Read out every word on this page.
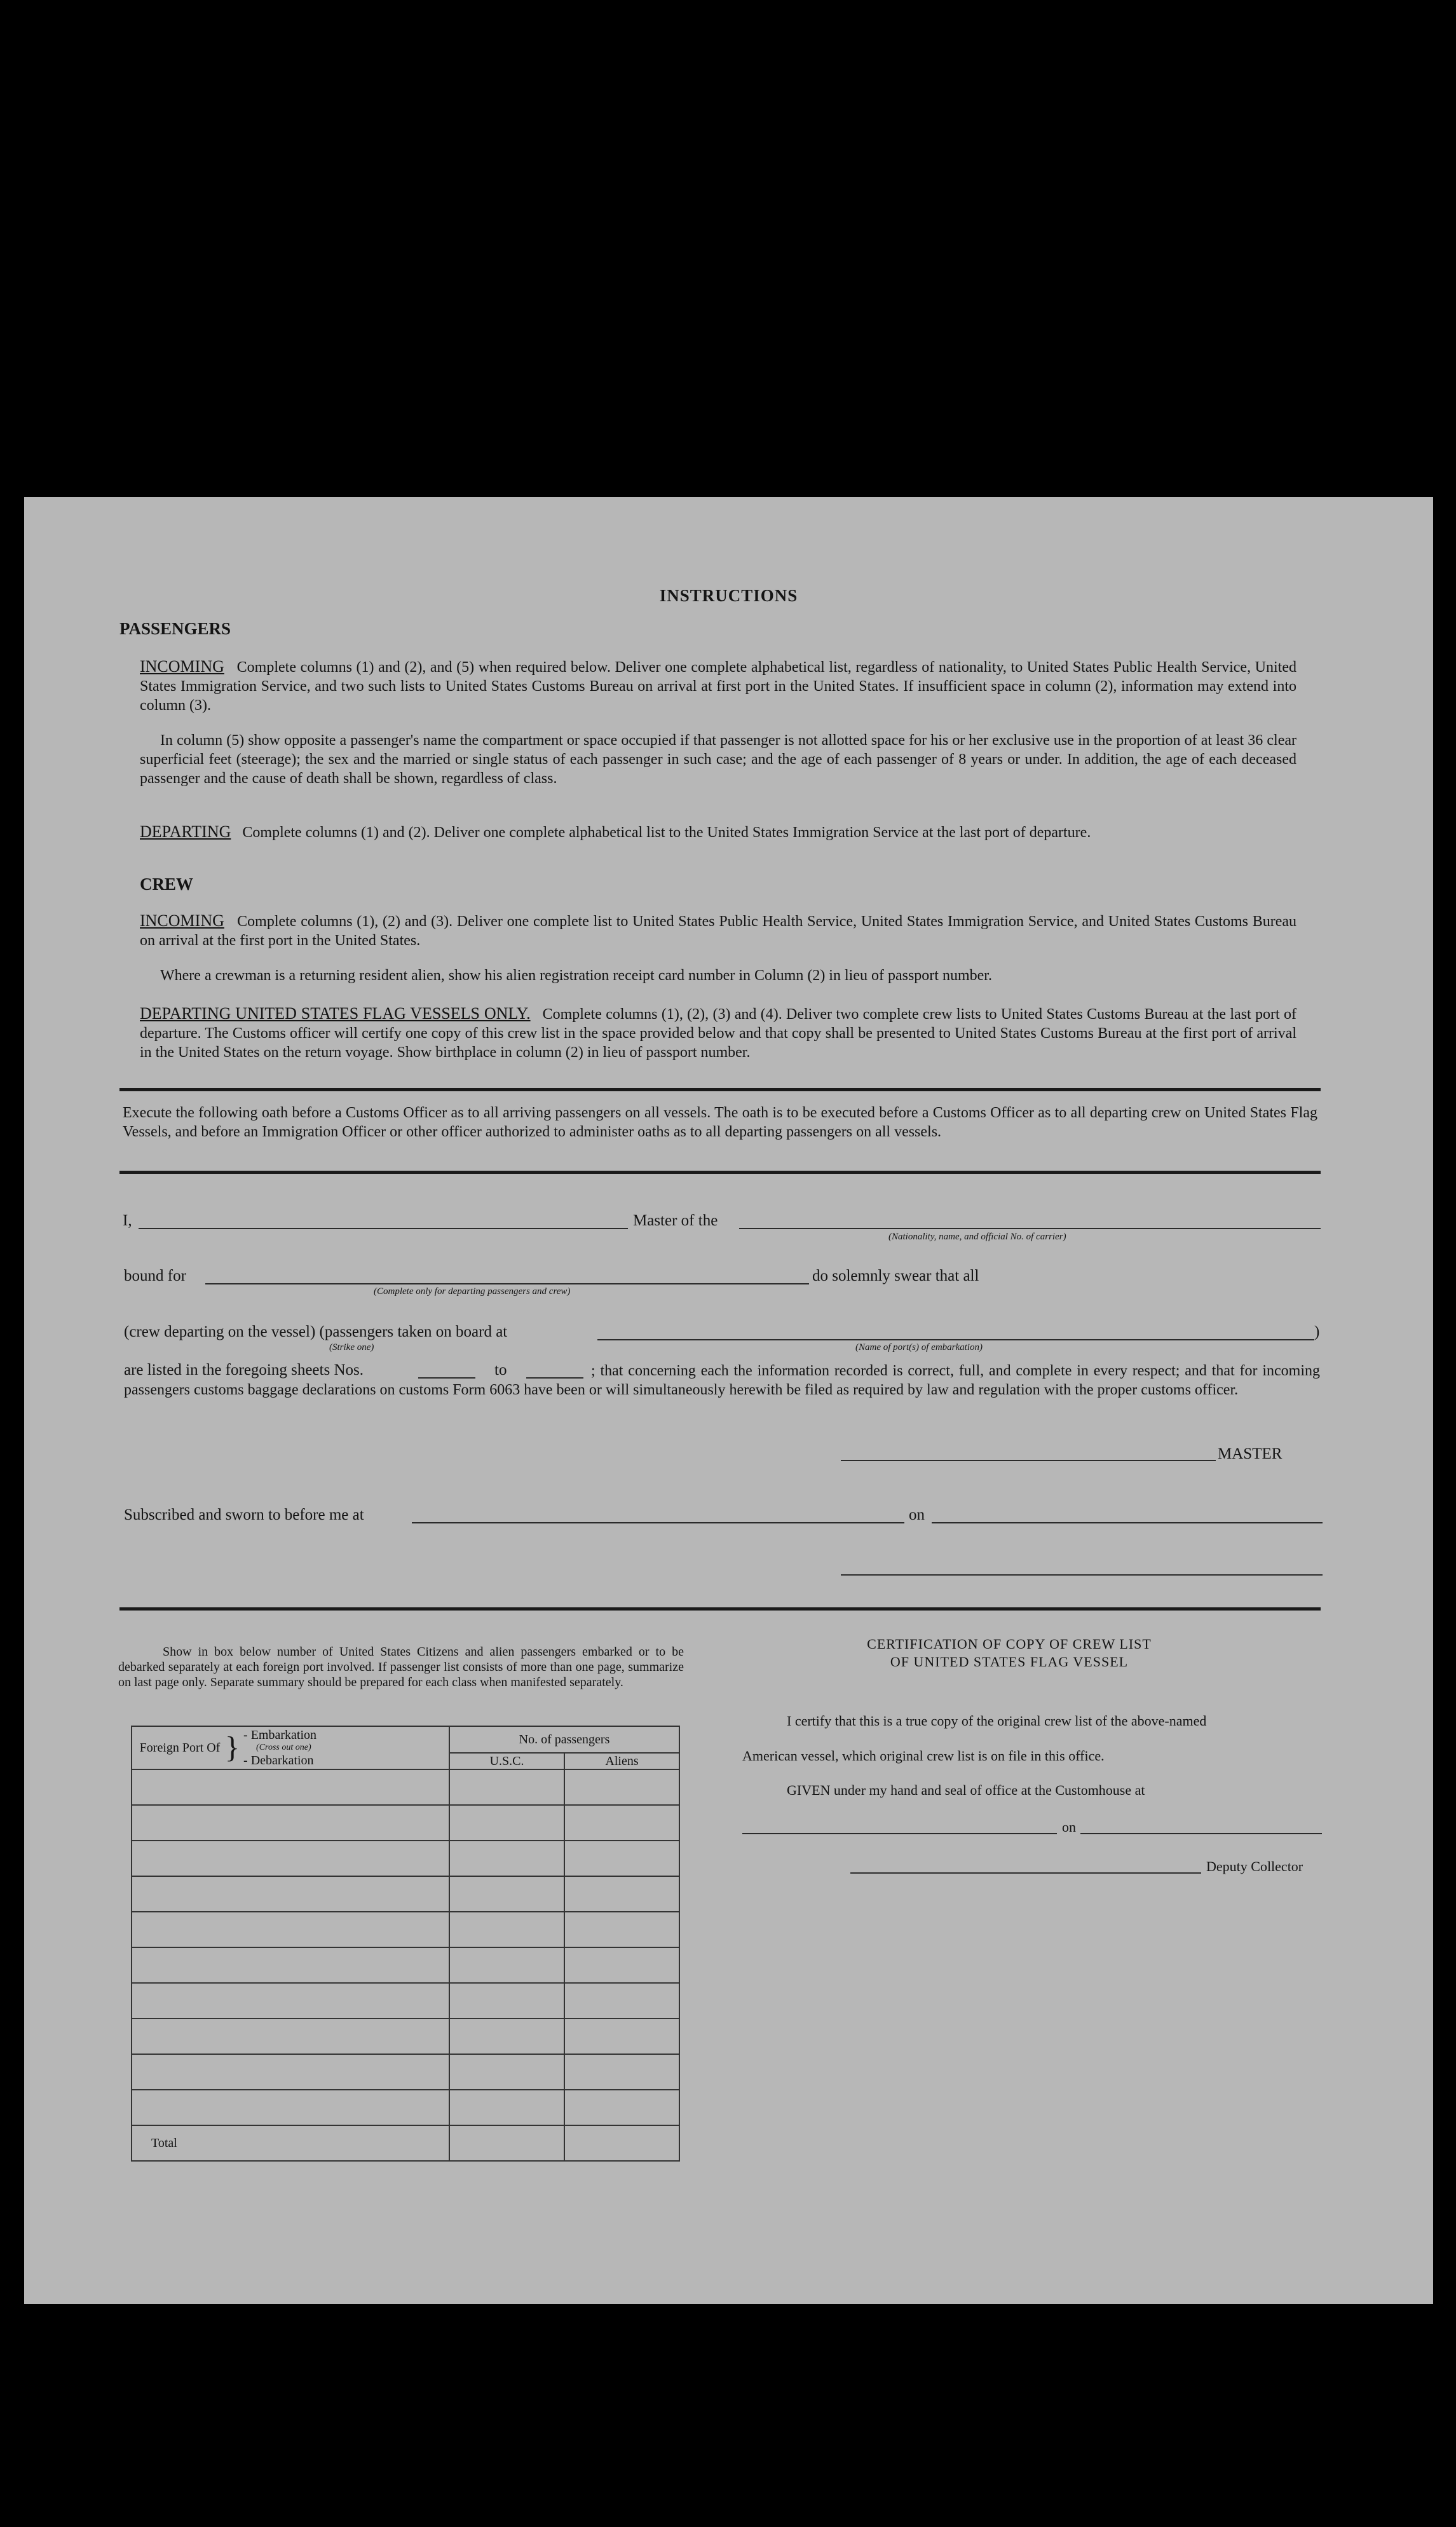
INSTRUCTIONS
PASSENGERS
INCOMING Complete columns (1) and (2), and (5) when required below. Deliver one complete alphabetical list, regardless of nationality, to United States Public Health Service, United States Immigration Service, and two such lists to United States Customs Bureau on arrival at first port in the United States. If insufficient space in column (2), information may extend into column (3).
In column (5) show opposite a passenger's name the compartment or space occupied if that passenger is not allotted space for his or her exclusive use in the proportion of at least 36 clear superficial feet (steerage); the sex and the married or single status of each passenger in such case; and the age of each passenger of 8 years or under. In addition, the age of each deceased passenger and the cause of death shall be shown, regardless of class.
DEPARTING Complete columns (1) and (2). Deliver one complete alphabetical list to the United States Immigration Service at the last port of departure.
CREW
INCOMING Complete columns (1), (2) and (3). Deliver one complete list to United States Public Health Service, United States Immigration Service, and United States Customs Bureau on arrival at the first port in the United States.
Where a crewman is a returning resident alien, show his alien registration receipt card number in Column (2) in lieu of passport number.
DEPARTING UNITED STATES FLAG VESSELS ONLY. Complete columns (1), (2), (3) and (4). Deliver two complete crew lists to United States Customs Bureau at the last port of departure. The Customs officer will certify one copy of this crew list in the space provided below and that copy shall be presented to United States Customs Bureau at the first port of arrival in the United States on the return voyage. Show birthplace in column (2) in lieu of passport number.
Execute the following oath before a Customs Officer as to all arriving passengers on all vessels. The oath is to be executed before a Customs Officer as to all departing crew on United States Flag Vessels, and before an Immigration Officer or other officer authorized to administer oaths as to all departing passengers on all vessels.
I,	Master of the
(Nationality, name, and official No. of carrier)
bound for
(Complete only for departing passengers and crew)
do solemnly swear that all
(crew departing on the vessel) (passengers taken on board at
(Strike one)
)
(Name of port(s) of embarkation)
are listed in the foregoing sheets Nos.	to	; that concerning each the information recorded is correct, full, and complete in every respect; and that for incoming passengers customs baggage declarations on customs Form 6063 have been or will simultaneously herewith be filed as required by law and regulation with the proper customs officer.
MASTER
Subscribed and sworn to before me at	on
Show in box below number of United States Citizens and alien passengers embarked or to be debarked separately at each foreign port involved. If passenger list consists of more than one page, summarize on last page only. Separate summary should be prepared for each class when manifested separately.
Foreign Port Of } - Embarkation
(Cross out one)
- Debarkation	No. of passengers	
	U.S.C.	Aliens

Total		
CERTIFICATION OF COPY OF CREW LIST
OF UNITED STATES FLAG VESSEL
I certify that this is a true copy of the original crew list of the above-named
American vessel, which original crew list is on file in this office.
GIVEN under my hand and seal of office at the Customhouse at
on
Deputy Collector
